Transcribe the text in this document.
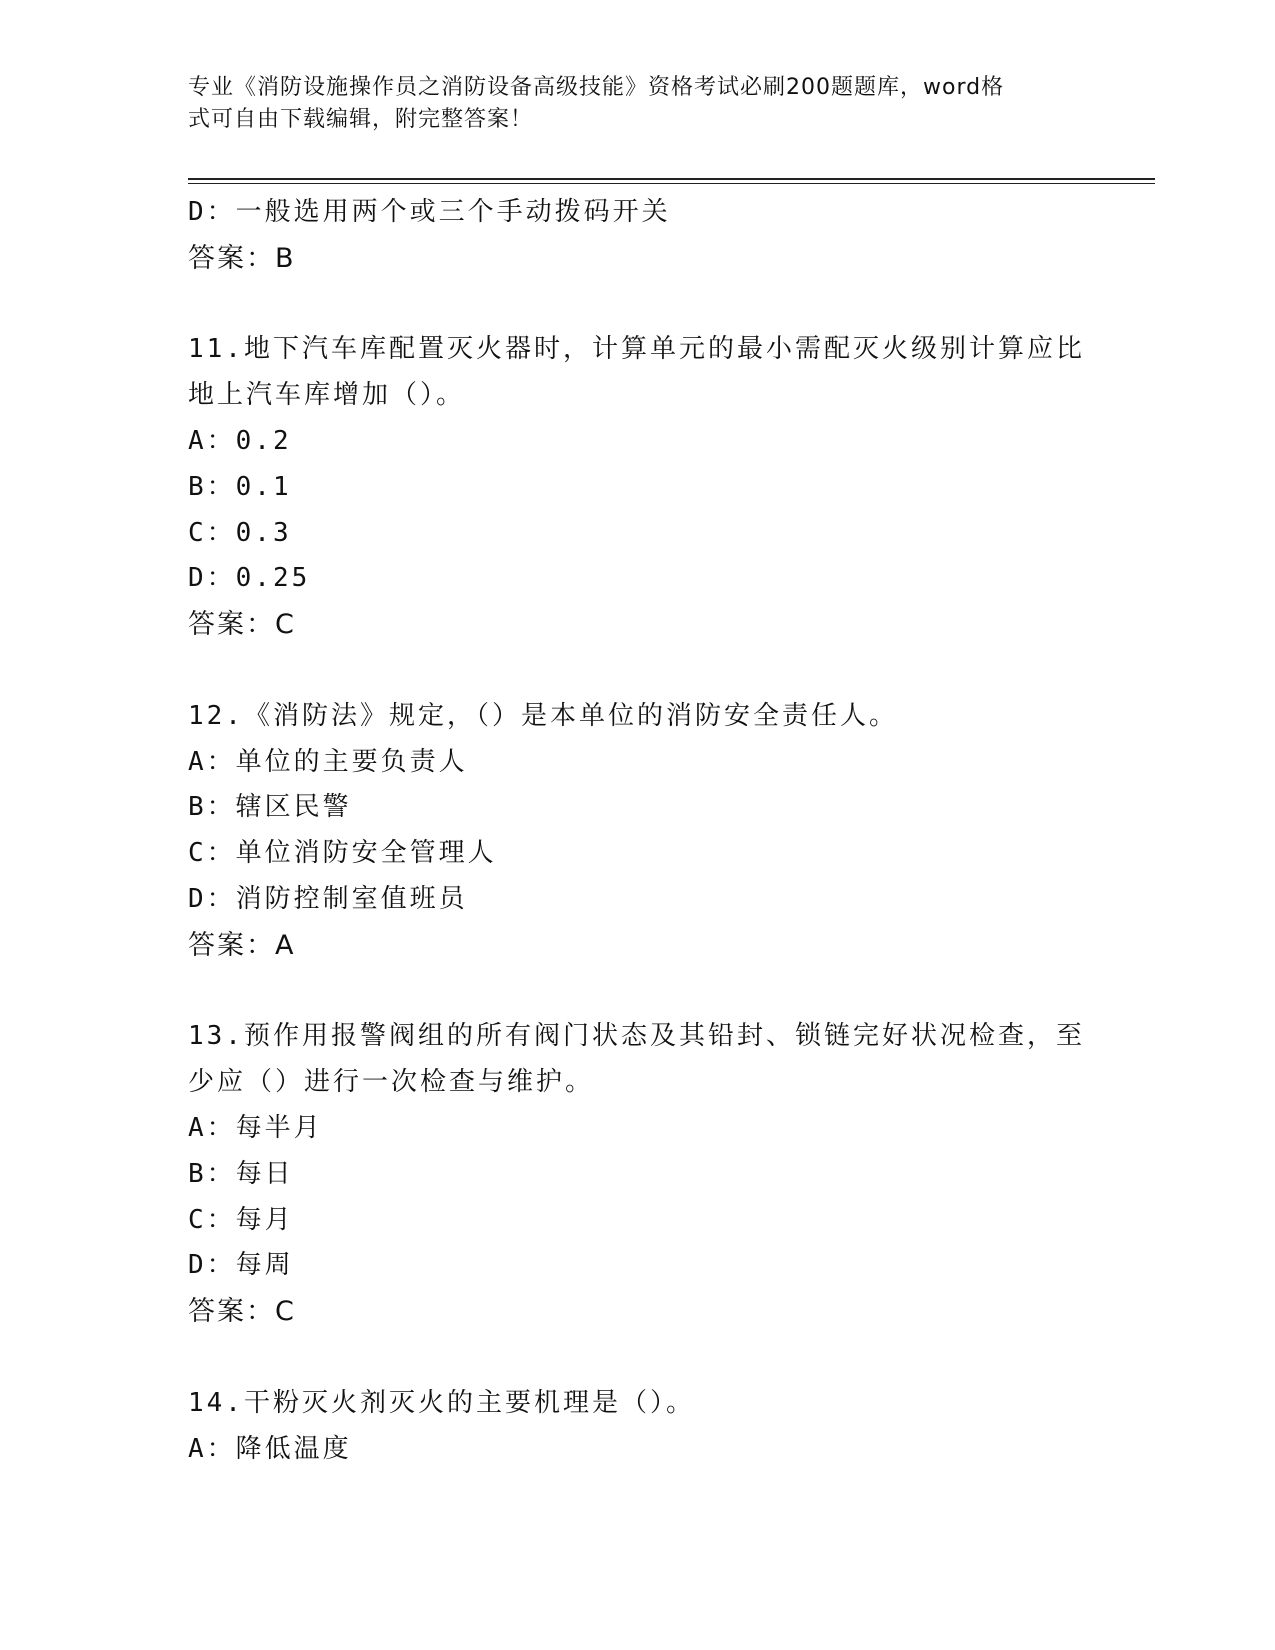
专业《消防设施操作员之消防设备高级技能》资格考试必刷200题题库，word格
式可自由下载编辑，附完整答案！
D：一般选用两个或三个手动拨码开关
答案：B
11.地下汽车库配置灭火器时，计算单元的最小需配灭火级别计算应比
地上汽车库增加（）。
A：0.2
B：0.1
C：0.3
D：0.25
答案：C
12.《消防法》规定，（）是本单位的消防安全责任人。
A：单位的主要负责人
B：辖区民警
C：单位消防安全管理人
D：消防控制室值班员
答案：A
13.预作用报警阀组的所有阀门状态及其铅封、锁链完好状况检查，至
少应（）进行一次检查与维护。
A：每半月
B：每日
C：每月
D：每周
答案：C
14.干粉灭火剂灭火的主要机理是（）。
A：降低温度
